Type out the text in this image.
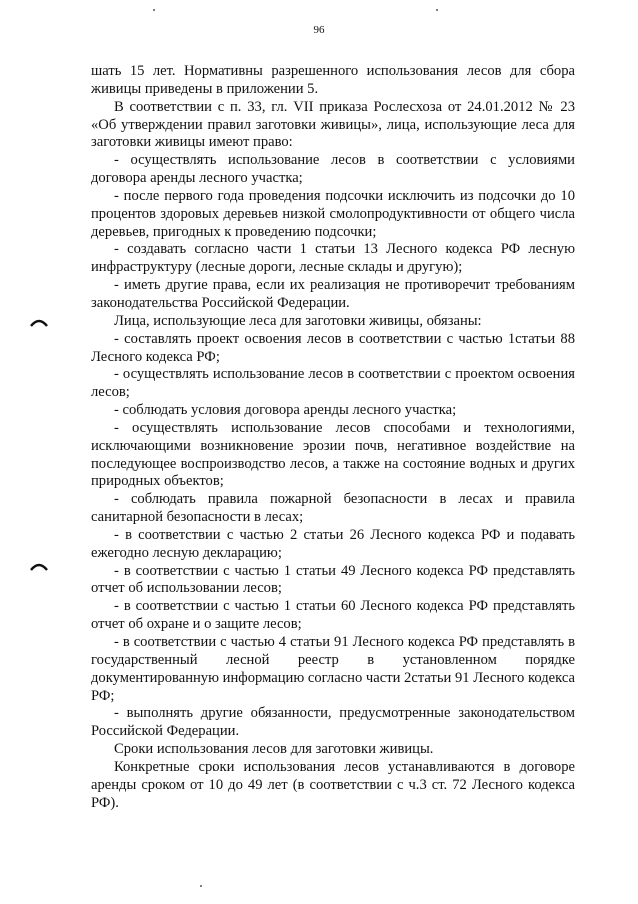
96

шать 15 лет. Нормативны разрешенного использования лесов для сбора живицы приведены в приложении 5.

В соответствии с п. 33, гл. VII приказа Рослесхоза от 24.01.2012 № 23 «Об утверждении правил заготовки живицы», лица, использующие леса для заготовки живицы имеют право:

- осуществлять использование лесов в соответствии с условиями договора аренды лесного участка;

- после первого года проведения подсочки исключить из подсочки до 10 процентов здоровых деревьев низкой смолопродуктивности от общего числа деревьев, пригодных к проведению подсочки;

- создавать согласно части 1 статьи 13 Лесного кодекса РФ лесную инфраструктуру (лесные дороги, лесные склады и другую);

- иметь другие права, если их реализация не противоречит требованиям законодательства Российской Федерации.

Лица, использующие леса для заготовки живицы, обязаны:

- составлять проект освоения лесов в соответствии с частью 1статьи 88 Лесного кодекса РФ;

- осуществлять использование лесов в соответствии с проектом освоения лесов;

- соблюдать условия договора аренды лесного участка;

- осуществлять использование лесов способами и технологиями, исключающими возникновение эрозии почв, негативное воздействие на последующее воспроизводство лесов, а также на состояние водных и других природных объектов;

- соблюдать правила пожарной безопасности в лесах и правила санитарной безопасности в лесах;

- в соответствии с частью 2 статьи 26 Лесного кодекса РФ и подавать ежегодно лесную декларацию;

- в соответствии с частью 1 статьи 49 Лесного кодекса РФ представлять отчет об использовании лесов;

- в соответствии с частью 1 статьи 60 Лесного кодекса РФ представлять отчет об охране и о защите лесов;

- в соответствии с частью 4 статьи 91 Лесного кодекса РФ представлять в государственный лесной реестр в установленном порядке документированную информацию согласно части 2статьи 91 Лесного кодекса РФ;

- выполнять другие обязанности, предусмотренные законодательством Российской Федерации.

Сроки использования лесов для заготовки живицы.

Конкретные сроки использования лесов устанавливаются в договоре аренды сроком от 10 до 49 лет (в соответствии с ч.3 ст. 72 Лесного кодекса РФ).
